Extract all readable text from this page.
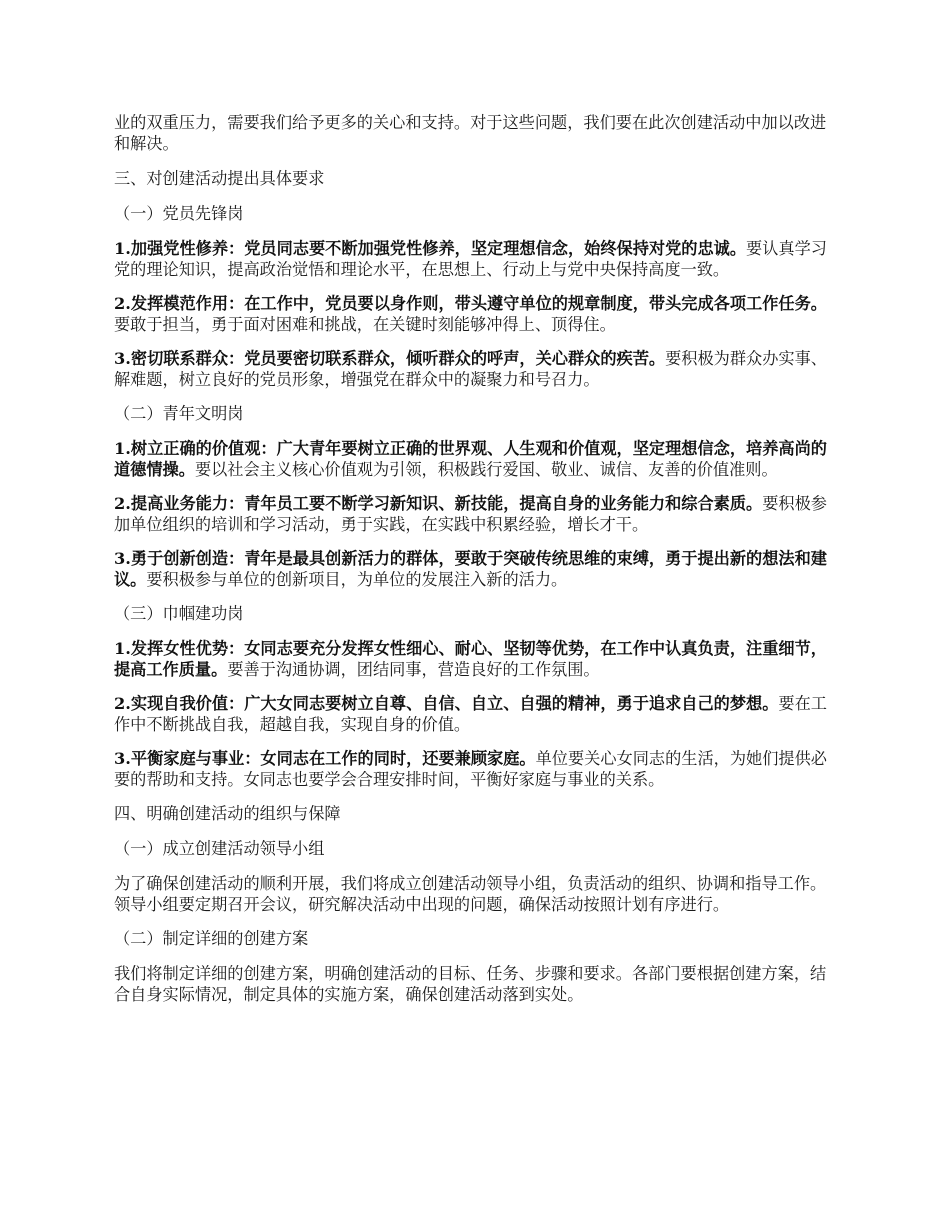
业的双重压力，需要我们给予更多的关心和支持。对于这些问题，我们要在此次创建活动中加以改进和解决。

三、对创建活动提出具体要求

（一）党员先锋岗

1.加强党性修养：党员同志要不断加强党性修养，坚定理想信念，始终保持对党的忠诚。要认真学习党的理论知识，提高政治觉悟和理论水平，在思想上、行动上与党中央保持高度一致。

2.发挥模范作用：在工作中，党员要以身作则，带头遵守单位的规章制度，带头完成各项工作任务。要敢于担当，勇于面对困难和挑战，在关键时刻能够冲得上、顶得住。

3.密切联系群众：党员要密切联系群众，倾听群众的呼声，关心群众的疾苦。要积极为群众办实事、解难题，树立良好的党员形象，增强党在群众中的凝聚力和号召力。

（二）青年文明岗

1.树立正确的价值观：广大青年要树立正确的世界观、人生观和价值观，坚定理想信念，培养高尚的道德情操。要以社会主义核心价值观为引领，积极践行爱国、敬业、诚信、友善的价值准则。

2.提高业务能力：青年员工要不断学习新知识、新技能，提高自身的业务能力和综合素质。要积极参加单位组织的培训和学习活动，勇于实践，在实践中积累经验，增长才干。

3.勇于创新创造：青年是最具创新活力的群体，要敢于突破传统思维的束缚，勇于提出新的想法和建议。要积极参与单位的创新项目，为单位的发展注入新的活力。

（三）巾帼建功岗

1.发挥女性优势：女同志要充分发挥女性细心、耐心、坚韧等优势，在工作中认真负责，注重细节，提高工作质量。要善于沟通协调，团结同事，营造良好的工作氛围。

2.实现自我价值：广大女同志要树立自尊、自信、自立、自强的精神，勇于追求自己的梦想。要在工作中不断挑战自我，超越自我，实现自身的价值。

3.平衡家庭与事业：女同志在工作的同时，还要兼顾家庭。单位要关心女同志的生活，为她们提供必要的帮助和支持。女同志也要学会合理安排时间，平衡好家庭与事业的关系。

四、明确创建活动的组织与保障

（一）成立创建活动领导小组

为了确保创建活动的顺利开展，我们将成立创建活动领导小组，负责活动的组织、协调和指导工作。领导小组要定期召开会议，研究解决活动中出现的问题，确保活动按照计划有序进行。

（二）制定详细的创建方案

我们将制定详细的创建方案，明确创建活动的目标、任务、步骤和要求。各部门要根据创建方案，结合自身实际情况，制定具体的实施方案，确保创建活动落到实处。
